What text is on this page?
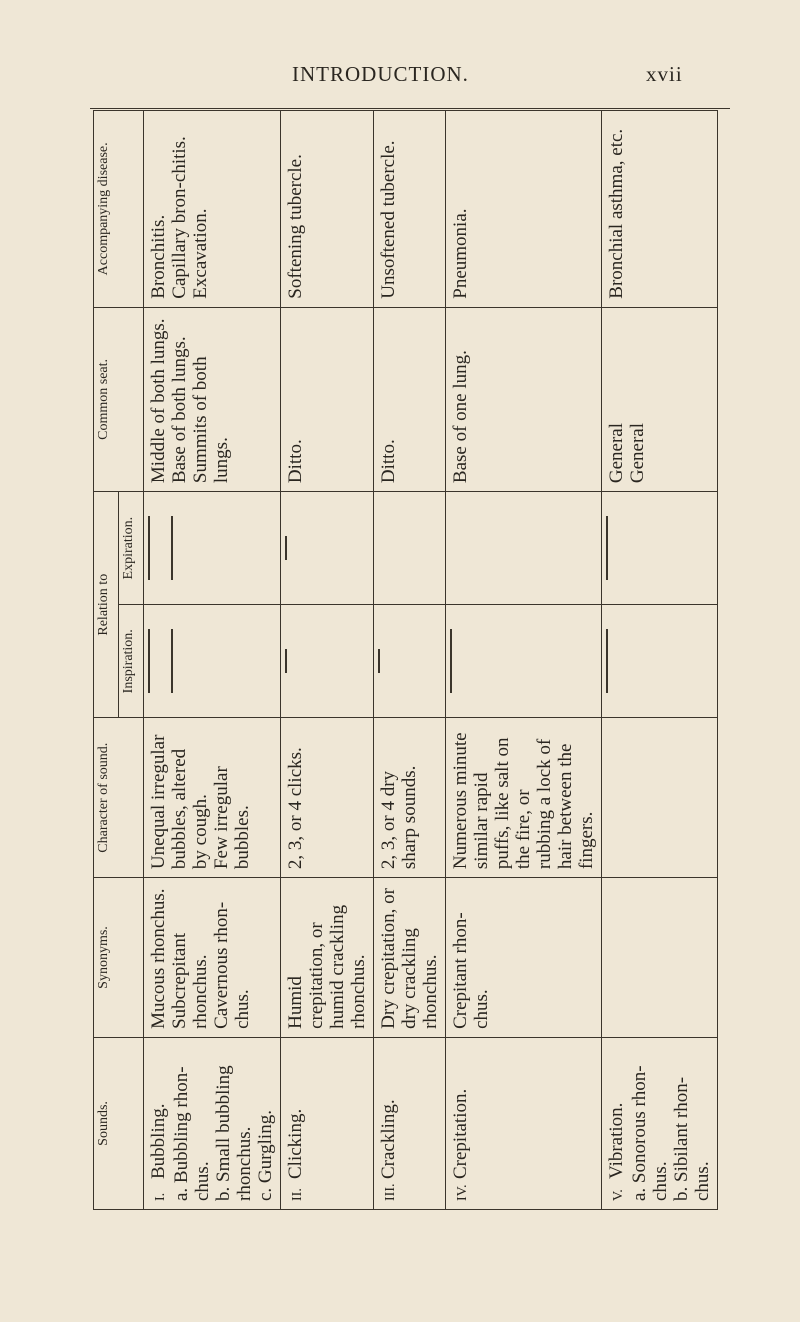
INTRODUCTION.	xvii
Sounds.	Synonyms.	Character of sound.	Relation to		Common seat.	Accompanying disease.
			Inspiration.	Expiration.		

I.Bubbling. a. Bubbling rhon-chus. b. Small bubbling rhonchus. c. Gurgling.	Mucous rhonchus. Subcrepitant rhonchus. Cavernous rhon-chus.	Unequal irregular bubbles, altered by cough. Few irregular bubbles.			Middle of both lungs. Base of both lungs. Summits of both lungs.	Bronchitis. Capillary bron-chitis. Excavation.

II.Clicking.	Humid crepitation, or humid crackling rhonchus.	2, 3, or 4 clicks.			Ditto.	Softening tubercle.

III.Crackling.	Dry crepitation, or dry crackling rhonchus.	2, 3, or 4 dry sharp sounds.			Ditto.	Unsoftened tubercle.

IV.Crepitation.	Crepitant rhon-chus.	Numerous minute similar rapid puffs, like salt on the fire, or rubbing a lock of hair between the fingers.			Base of one lung.	Pneumonia.

V.Vibration. a. Sonorous rhon-chus. b. Sibilant rhon-chus.					General General	Bronchial asthma, etc.
